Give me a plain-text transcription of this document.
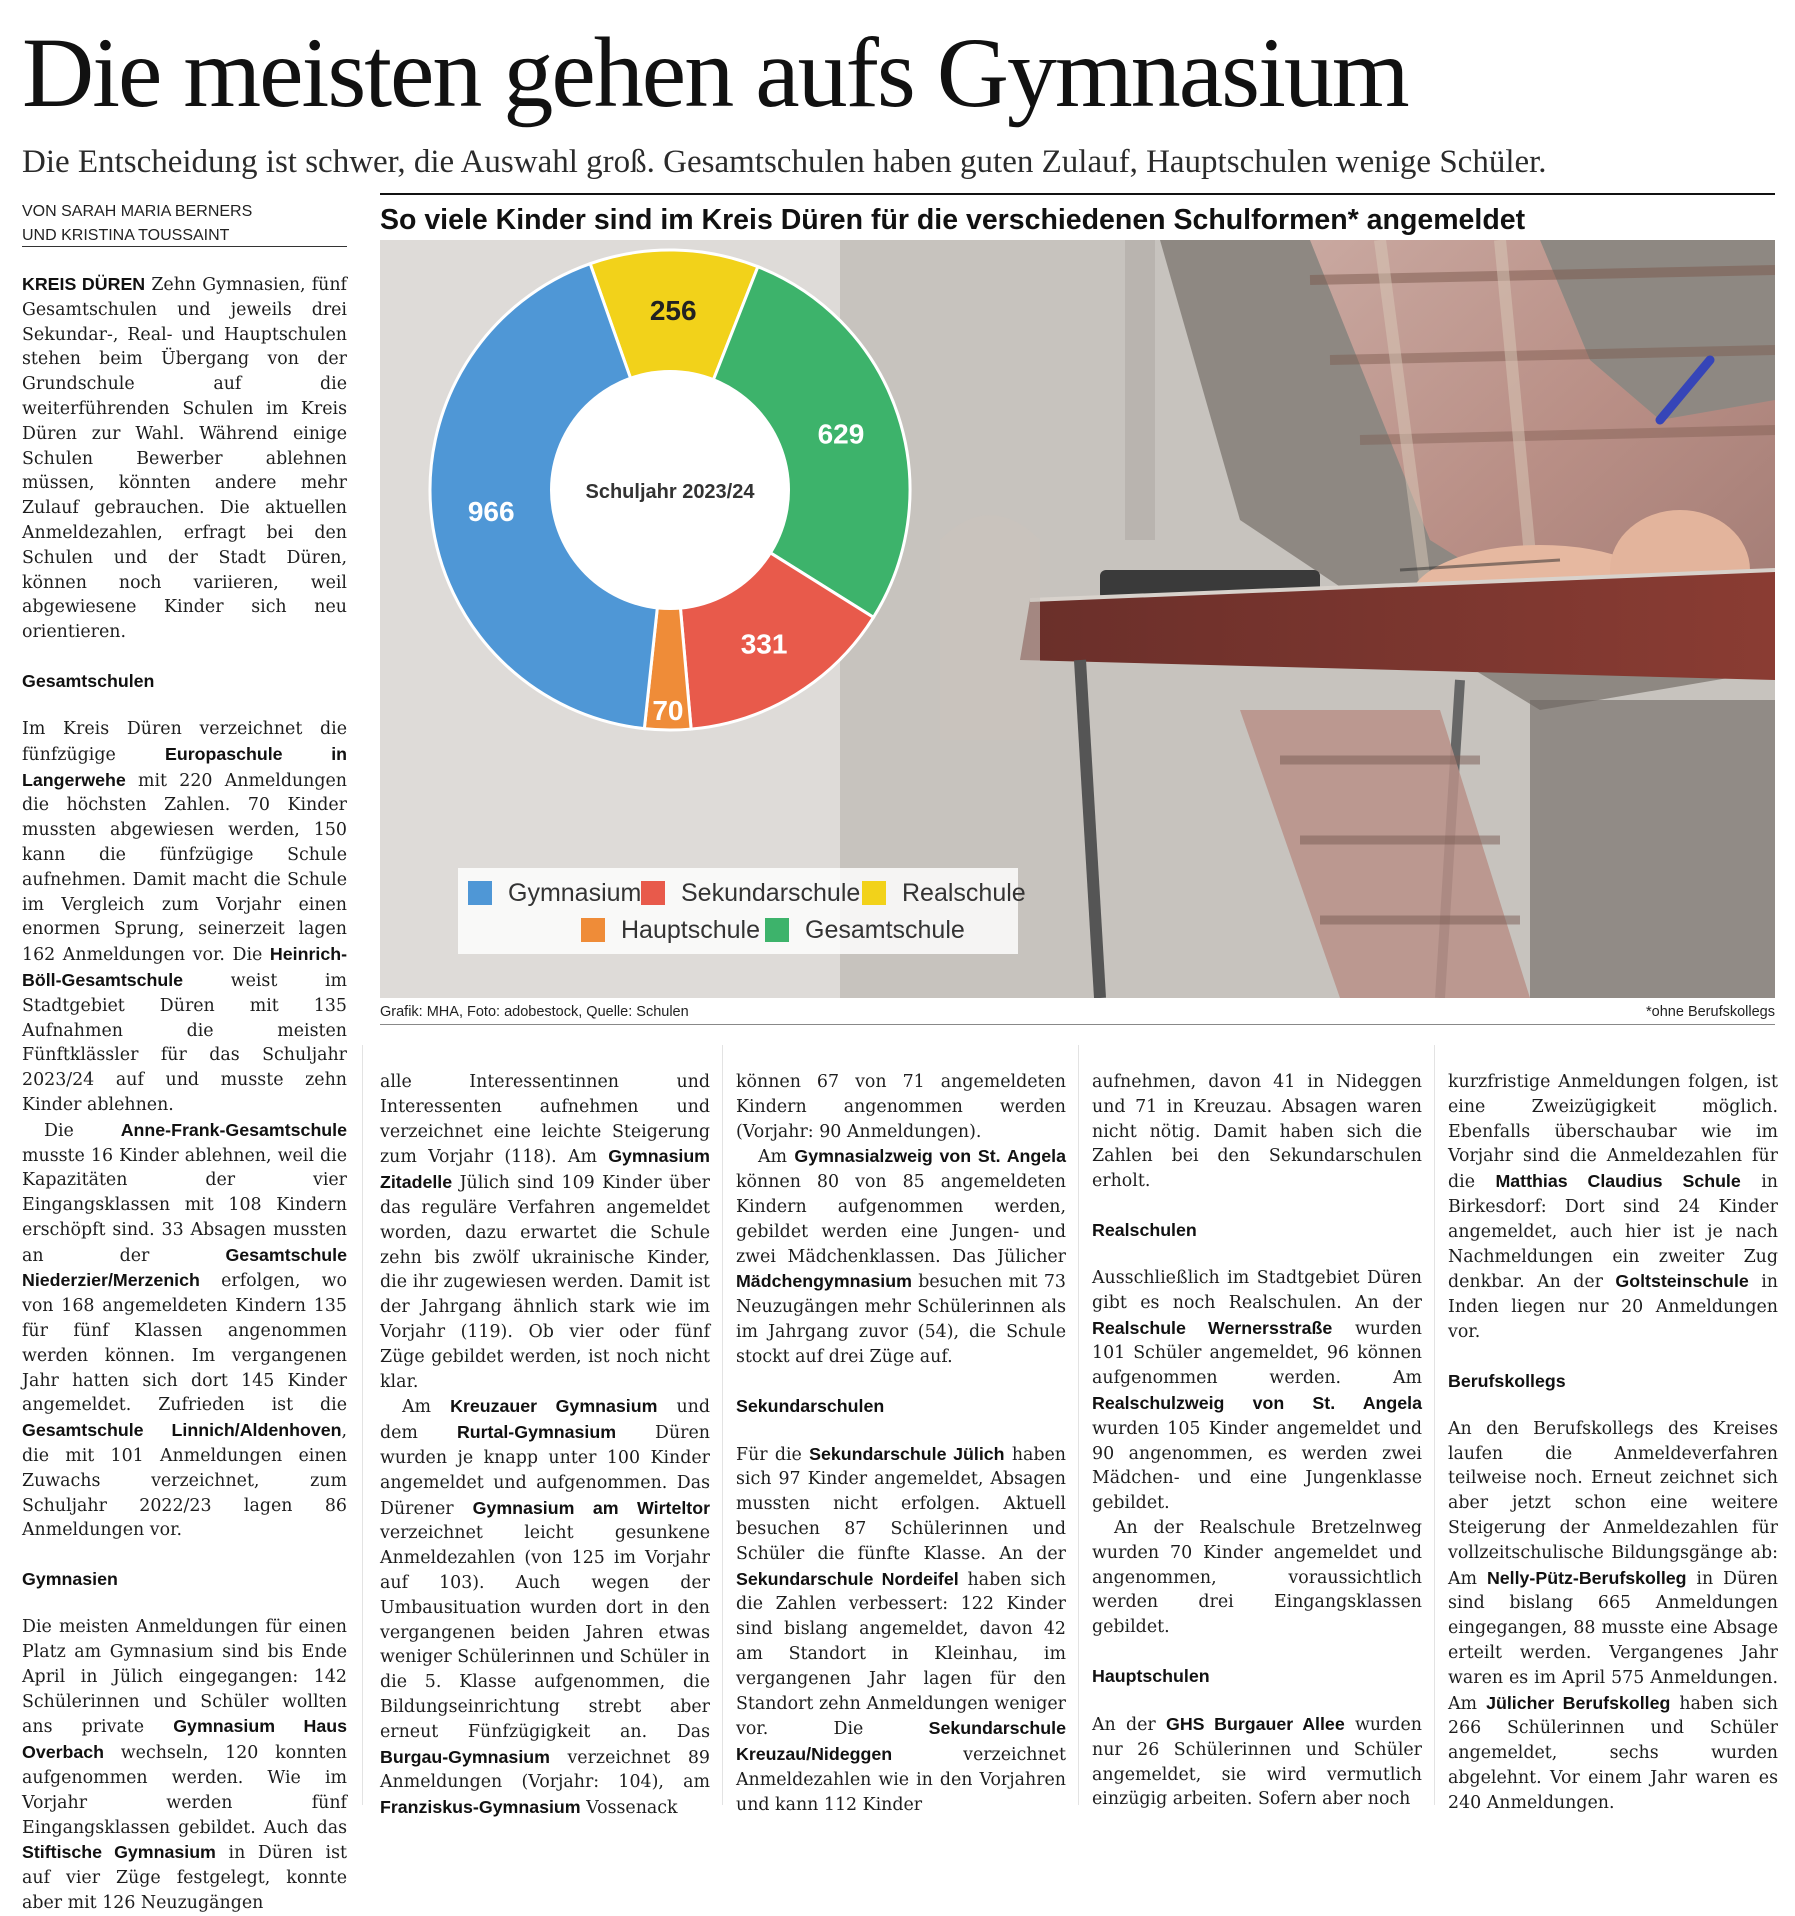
Die meisten gehen aufs Gymnasium
Die Entscheidung ist schwer, die Auswahl groß. Gesamtschulen haben guten Zulauf, Hauptschulen wenige Schüler.
VON SARAH MARIA BERNERS
UND KRISTINA TOUSSAINT	So viele Kinder sind im Kreis Düren für die verschiedenen Schulformen* angemeldet
Schuljahr 2023/24
256
629
331
70
966
Gymnasium Sekundarschule Realschule
Hauptschule Gesamtschule
Grafik: MHA, Foto: adobestock, Quelle: Schulen	*ohne Berufskollegs

KREIS DÜREN Zehn Gymnasien, fünf Gesamtschulen und jeweils drei Sekundar-, Real- und Hauptschulen stehen beim Übergang von der Grundschule auf die weiterführenden Schulen im Kreis Düren zur Wahl. Während einige Schulen Bewerber ablehnen müssen, könnten andere mehr Zulauf gebrauchen. Die aktuellen Anmeldezahlen, erfragt bei den Schulen und der Stadt Düren, können noch variieren, weil abgewiesene Kinder sich neu orientieren.

Gesamtschulen

Im Kreis Düren verzeichnet die fünfzügige Europaschule in Langerwehe mit 220 Anmeldungen die höchsten Zahlen. 70 Kinder mussten abgewiesen werden, 150 kann die fünfzügige Schule aufnehmen. Damit macht die Schule im Vergleich zum Vorjahr einen enormen Sprung, seinerzeit lagen 162 Anmeldungen vor. Die Heinrich-Böll-Gesamtschule weist im Stadtgebiet Düren mit 135 Aufnahmen die meisten Fünftklässler für das Schuljahr 2023/24 auf und musste zehn Kinder ablehnen.

Die Anne-Frank-Gesamtschule musste 16 Kinder ablehnen, weil die Kapazitäten der vier Eingangsklassen mit 108 Kindern erschöpft sind. 33 Absagen mussten an der Gesamtschule Niederzier/Merzenich erfolgen, wo von 168 angemeldeten Kindern 135 für fünf Klassen angenommen werden können. Im vergangenen Jahr hatten sich dort 145 Kinder angemeldet. Zufrieden ist die Gesamtschule Linnich/Aldenhoven, die mit 101 Anmeldungen einen Zuwachs verzeichnet, zum Schuljahr 2022/23 lagen 86 Anmeldungen vor.

Gymnasien

Die meisten Anmeldungen für einen Platz am Gymnasium sind bis Ende April in Jülich eingegangen: 142 Schülerinnen und Schüler wollten ans private Gymnasium Haus Overbach wechseln, 120 konnten aufgenommen werden. Wie im Vorjahr werden fünf Eingangsklassen gebildet. Auch das Stiftische Gymnasium in Düren ist auf vier Züge festgelegt, konnte aber mit 126 Neuzugängen

alle Interessentinnen und Interessenten aufnehmen und verzeichnet eine leichte Steigerung zum Vorjahr (118). Am Gymnasium Zitadelle Jülich sind 109 Kinder über das reguläre Verfahren angemeldet worden, dazu erwartet die Schule zehn bis zwölf ukrainische Kinder, die ihr zugewiesen werden. Damit ist der Jahrgang ähnlich stark wie im Vorjahr (119). Ob vier oder fünf Züge gebildet werden, ist noch nicht klar.

Am Kreuzauer Gymnasium und dem Rurtal-Gymnasium Düren wurden je knapp unter 100 Kinder angemeldet und aufgenommen. Das Dürener Gymnasium am Wirteltor verzeichnet leicht gesunkene Anmeldezahlen (von 125 im Vorjahr auf 103). Auch wegen der Umbausituation wurden dort in den vergangenen beiden Jahren etwas weniger Schülerinnen und Schüler in die 5. Klasse aufgenommen, die Bildungseinrichtung strebt aber erneut Fünfzügigkeit an. Das Burgau-Gymnasium verzeichnet 89 Anmeldungen (Vorjahr: 104), am Franziskus-Gymnasium Vossenack

können 67 von 71 angemeldeten Kindern angenommen werden (Vorjahr: 90 Anmeldungen).

Am Gymnasialzweig von St. Angela können 80 von 85 angemeldeten Kindern aufgenommen werden, gebildet werden eine Jungen- und zwei Mädchenklassen. Das Jülicher Mädchengymnasium besuchen mit 73 Neuzugängen mehr Schülerinnen als im Jahrgang zuvor (54), die Schule stockt auf drei Züge auf.

Sekundarschulen

Für die Sekundarschule Jülich haben sich 97 Kinder angemeldet, Absagen mussten nicht erfolgen. Aktuell besuchen 87 Schülerinnen und Schüler die fünfte Klasse. An der Sekundarschule Nordeifel haben sich die Zahlen verbessert: 122 Kinder sind bislang angemeldet, davon 42 am Standort in Kleinhau, im vergangenen Jahr lagen für den Standort zehn Anmeldungen weniger vor. Die Sekundarschule Kreuzau/Nideggen verzeichnet Anmeldezahlen wie in den Vorjahren und kann 112 Kinder

aufnehmen, davon 41 in Nideggen und 71 in Kreuzau. Absagen waren nicht nötig. Damit haben sich die Zahlen bei den Sekundarschulen erholt.

Realschulen

Ausschließlich im Stadtgebiet Düren gibt es noch Realschulen. An der Realschule Wernersstraße wurden 101 Schüler angemeldet, 96 können aufgenommen werden. Am Realschulzweig von St. Angela wurden 105 Kinder angemeldet und 90 angenommen, es werden zwei Mädchen- und eine Jungenklasse gebildet.

An der Realschule Bretzelnweg wurden 70 Kinder angemeldet und angenommen, voraussichtlich werden drei Eingangsklassen gebildet.

Hauptschulen

An der GHS Burgauer Allee wurden nur 26 Schülerinnen und Schüler angemeldet, sie wird vermutlich einzügig arbeiten. Sofern aber noch

kurzfristige Anmeldungen folgen, ist eine Zweizügigkeit möglich. Ebenfalls überschaubar wie im Vorjahr sind die Anmeldezahlen für die Matthias Claudius Schule in Birkesdorf: Dort sind 24 Kinder angemeldet, auch hier ist je nach Nachmeldungen ein zweiter Zug denkbar. An der Goltsteinschule in Inden liegen nur 20 Anmeldungen vor.

Berufskollegs

An den Berufskollegs des Kreises laufen die Anmeldeverfahren teilweise noch. Erneut zeichnet sich aber jetzt schon eine weitere Steigerung der Anmeldezahlen für vollzeitschulische Bildungsgänge ab: Am Nelly-Pütz-Berufskolleg in Düren sind bislang 665 Anmeldungen eingegangen, 88 musste eine Absage erteilt werden. Vergangenes Jahr waren es im April 575 Anmeldungen. Am Jülicher Berufskolleg haben sich 266 Schülerinnen und Schüler angemeldet, sechs wurden abgelehnt. Vor einem Jahr waren es 240 Anmeldungen.
